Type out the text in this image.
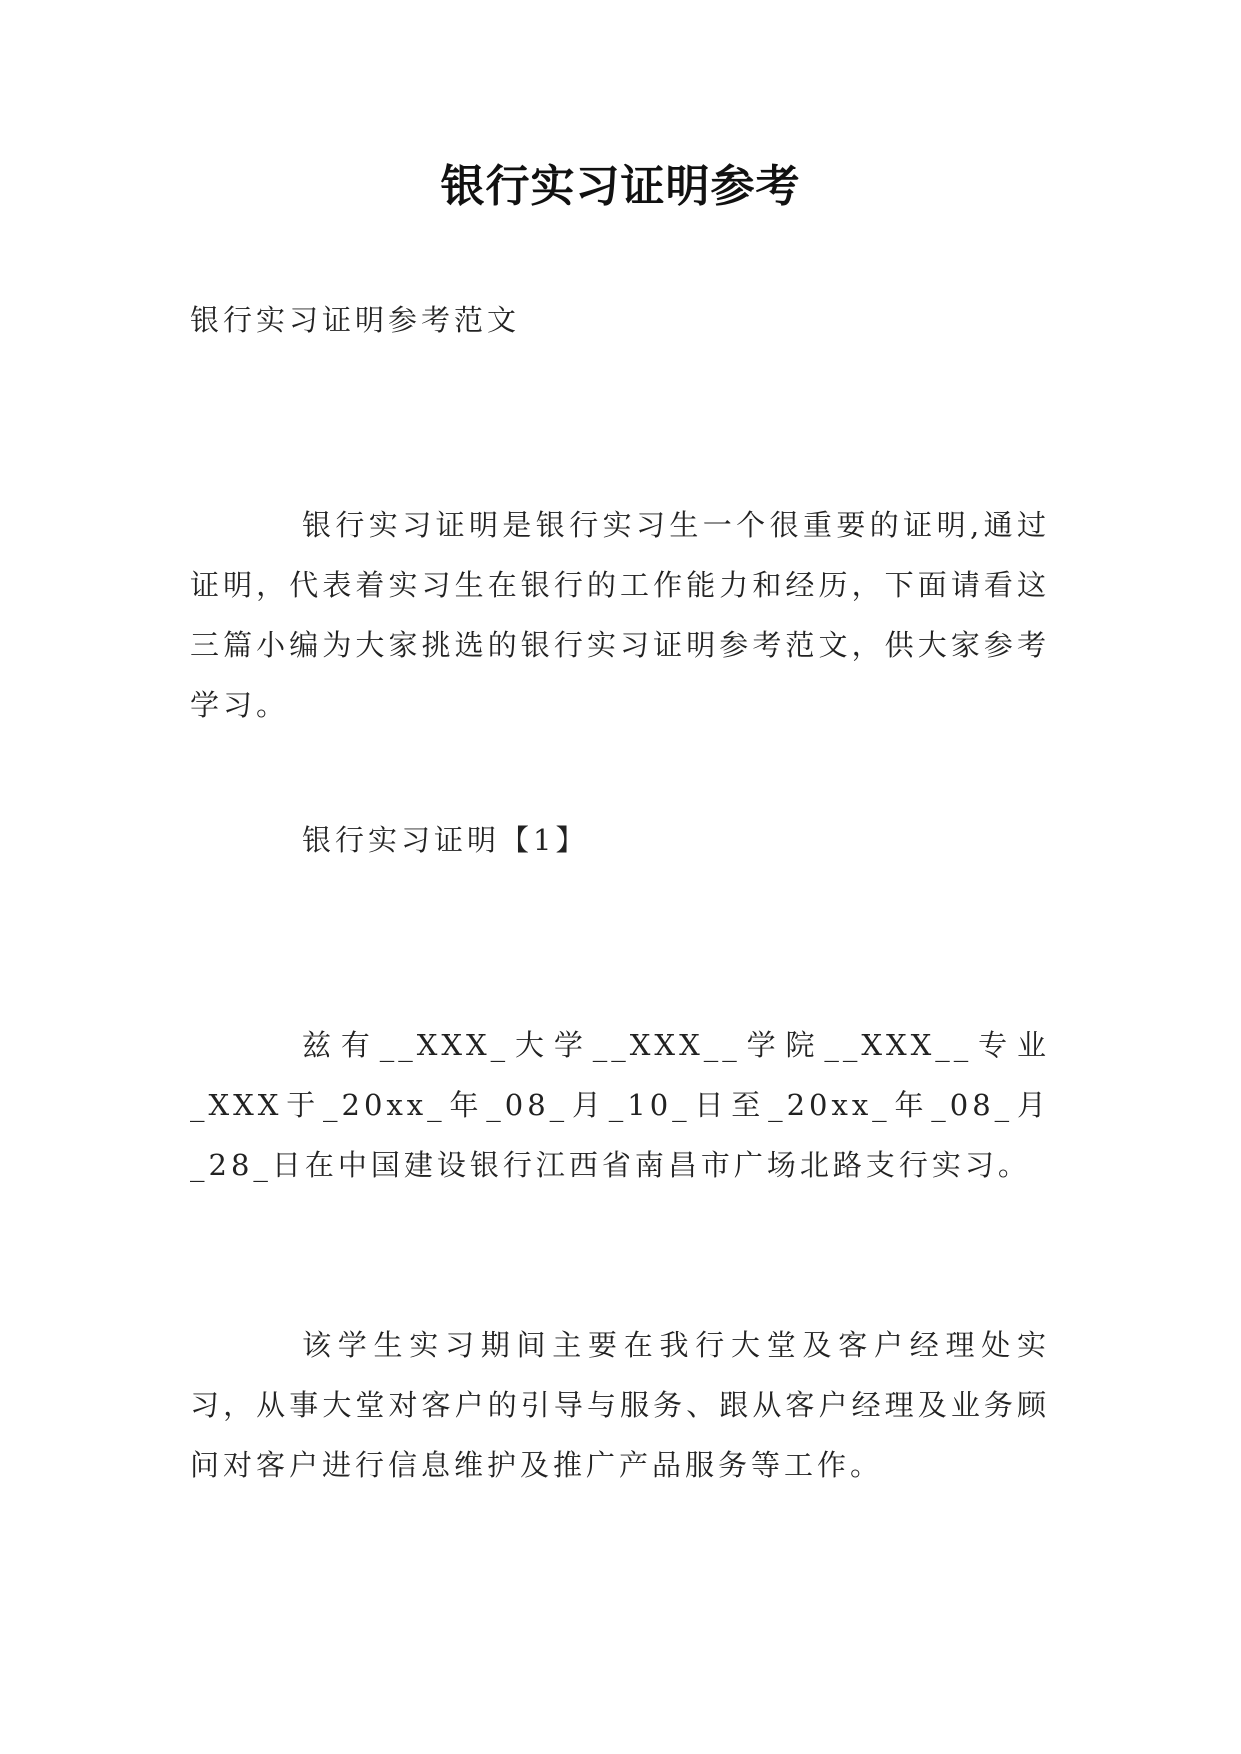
银行实习证明参考
银行实习证明参考范文

银行实习证明是银行实习生一个很重要的证明,通过证明，代表着实习生在银行的工作能力和经历，下面请看这三篇小编为大家挑选的银行实习证明参考范文，供大家参考学习。

银行实习证明【1】

兹有__XXX_大学__XXX__学院__XXX__专业_XXX于_20xx_年_08_月_10_日至_20xx_年_08_月_28_日在中国建设银行江西省南昌市广场北路支行实习。

该学生实习期间主要在我行大堂及客户经理处实习，从事大堂对客户的引导与服务、跟从客户经理及业务顾问对客户进行信息维护及推广产品服务等工作。
